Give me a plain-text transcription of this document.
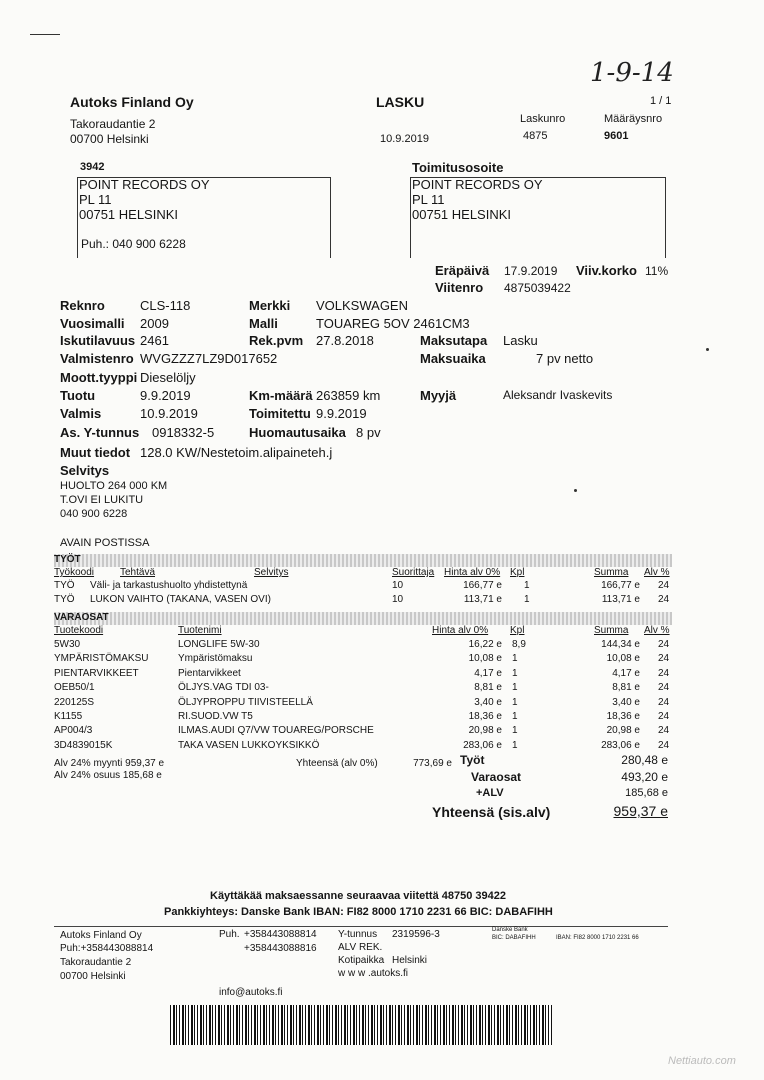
1-9-14
Autoks Finland Oy
Takoraudantie 2
00700 Helsinki
LASKU	1 / 1
Laskunro	Määräysnro
10.9.2019	4875	9601
3942
POINT RECORDS OY
PL 11
00751 HELSINKI
Puh.: 040 900 6228
Toimitusosoite
POINT RECORDS OY
PL 11
00751 HELSINKI
Eräpäivä 17.9.2019 Viiv.korko 11%
Viitenro 4875039422
Reknro	CLS-118	Merkki VOLKSWAGEN
Vuosimalli 2009	Malli	TOUAREG 5OV 2461CM3
Iskutilavuus 2461	Rek.pvm 27.8.2018	Maksutapa Lasku
Valmistenro WVGZZZ7LZ9D017652	Maksuaika	7 pv netto
Moott.tyyppi Dieselöljy
Tuotu	9.9.2019	Km-määrä 263859 km	Myyjä	Aleksandr Ivaskevits
Valmis	10.9.2019	Toimitettu 9.9.2019
As. Y-tunnus 0918332-5	Huomautusaika 8 pv
Muut tiedot 128.0 KW/Nestetoim.alipaineteh.j
Selvitys
HUOLTO 264 000 KM
T.OVI EI LUKITU
040 900 6228
AVAIN POSTISSA
TYÖT
Työkoodi	Tehtävä	Selvitys	Suorittaja Hinta alv 0% Kpl	Summa Alv %
TYÖ Väli- ja tarkastushuolto yhdistettynä	10	166,77 e 1	166,77 e 24
TYÖ LUKON VAIHTO (TAKANA, VASEN OVI)	10	113,71 e 1	113,71 e 24
VARAOSAT
Tuotekoodi	Tuotenimi	Hinta alv 0% Kpl	Summa Alv %
5W30	LONGLIFE 5W-30	16,22 e 8,9	144,34 e 24
YMPÄRISTÖMAKSU	Ympäristömaksu	10,08 e 1	10,08 e 24
PIENTARVIKKEET	Pientarvikkeet	4,17 e 1	4,17 e 24
OEB50/1	ÖLJYS.VAG TDI 03-	8,81 e 1	8,81 e 24
220125S	ÖLJYPROPPU TIIVISTEELLÄ	3,40 e 1	3,40 e 24
K1155	RI.SUOD.VW T5	18,36 e 1	18,36 e 24
AP004/3	ILMAS.AUDI Q7/VW TOUAREG/PORSCHE	20,98 e 1	20,98 e 24
3D4839015K	TAKA VASEN LUKKOYKSIKKÖ	283,06 e 1	283,06 e 24
Alv 24% myynti 959,37 e
Alv 24% osuus 185,68 e
Yhteensä (alv 0%)	773,69 e Työt	280,48 e
Varaosat	493,20 e
+ALV	185,68 e
Yhteensä (sis.alv)	959,37 e
Käyttäkää maksaessanne seuraavaa viitettä 48750 39422
Pankkiyhteys: Danske Bank IBAN: FI82 8000 1710 2231 66 BIC: DABAFIHH
Autoks Finland Oy
Puh:+358443088814
Takoraudantie 2
00700 Helsinki
Puh. +358443088814
+358443088816
info@autoks.fi
Y-tunnus 2319596-3
ALV REK.
Kotipaikka Helsinki
w w w .autoks.fi
Danske Bank
BIC: DABAFIHH	IBAN: FI82 8000 1710 2231 66
Nettiauto.com
